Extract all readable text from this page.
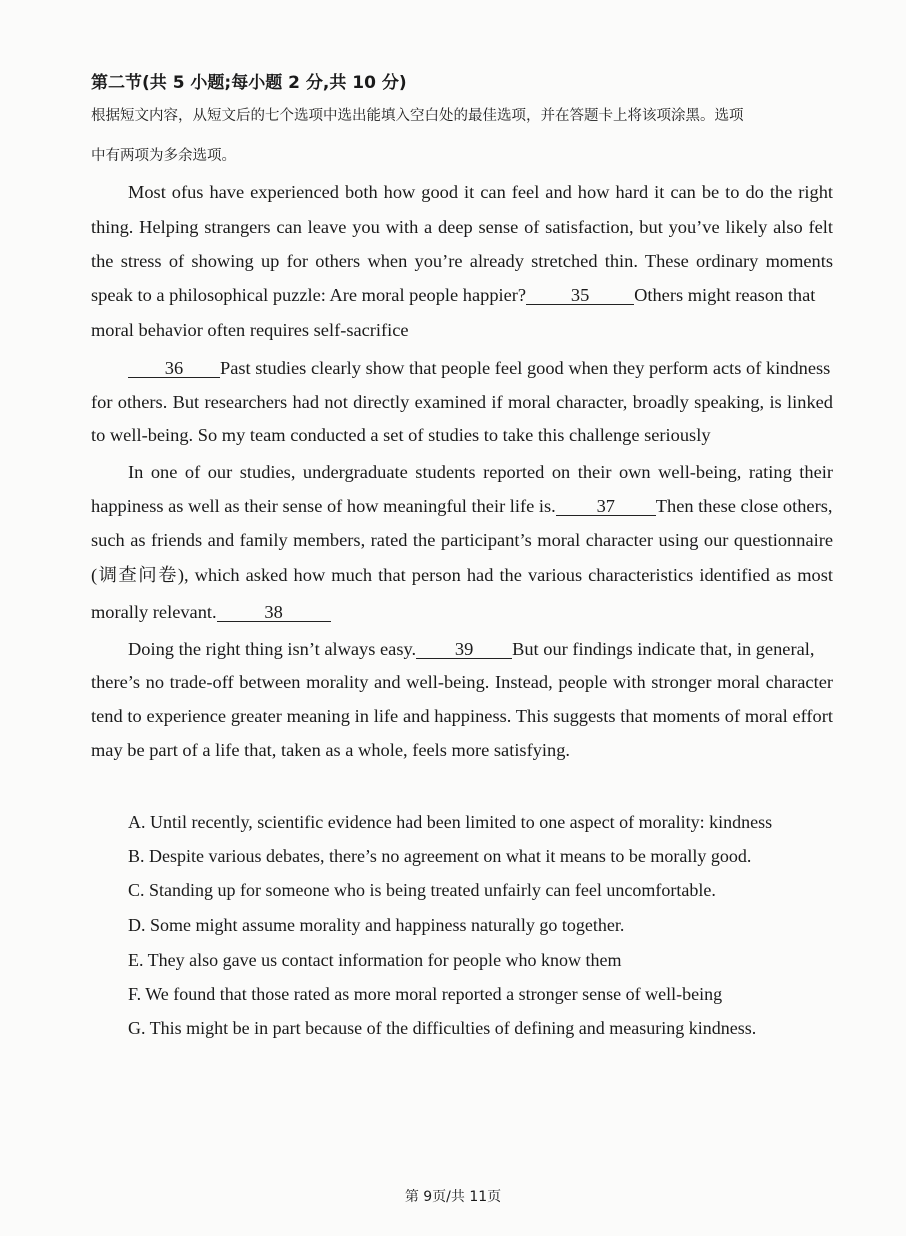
第二节(共 5 小题;每小题 2 分,共 10 分)
根据短文内容，从短文后的七个选项中选出能填入空白处的最佳选项，并在答题卡上将该项涂黑。选项
中有两项为多余选项。
Most ofus have experienced both how good it can feel and how hard it can be to do the right
thing. Helping strangers can leave you with a deep sense of satisfaction, but you’ve likely also felt
the stress of showing up for others when you’re already stretched thin. These ordinary moments
speak to a philosophical puzzle: Are moral people happier? 35 Others might reason that
moral behavior often requires self-sacrifice
36 Past studies clearly show that people feel good when they perform acts of kindness
for others. But researchers had not directly examined if moral character, broadly speaking, is linked
to well-being. So my team conducted a set of studies to take this challenge seriously
In one of our studies, undergraduate students reported on their own well-being, rating their
happiness as well as their sense of how meaningful their life is. 37 Then these close others,
such as friends and family members, rated the participant’s moral character using our questionnaire
(调查问卷), which asked how much that person had the various characteristics identified as most
morally relevant.	38
Doing the right thing isn’t always easy. 39 But our findings indicate that, in general,
there’s no trade-off between morality and well-being. Instead, people with stronger moral character
tend to experience greater meaning in life and happiness. This suggests that moments of moral effort
may be part of a life that, taken as a whole, feels more satisfying.
A. Until recently, scientific evidence had been limited to one aspect of morality: kindness
B. Despite various debates, there’s no agreement on what it means to be morally good.
C. Standing up for someone who is being treated unfairly can feel uncomfortable.
D. Some might assume morality and happiness naturally go together.
E. They also gave us contact information for people who know them
F. We found that those rated as more moral reported a stronger sense of well-being
G. This might be in part because of the difficulties of defining and measuring kindness.
第 9页/共 11页
